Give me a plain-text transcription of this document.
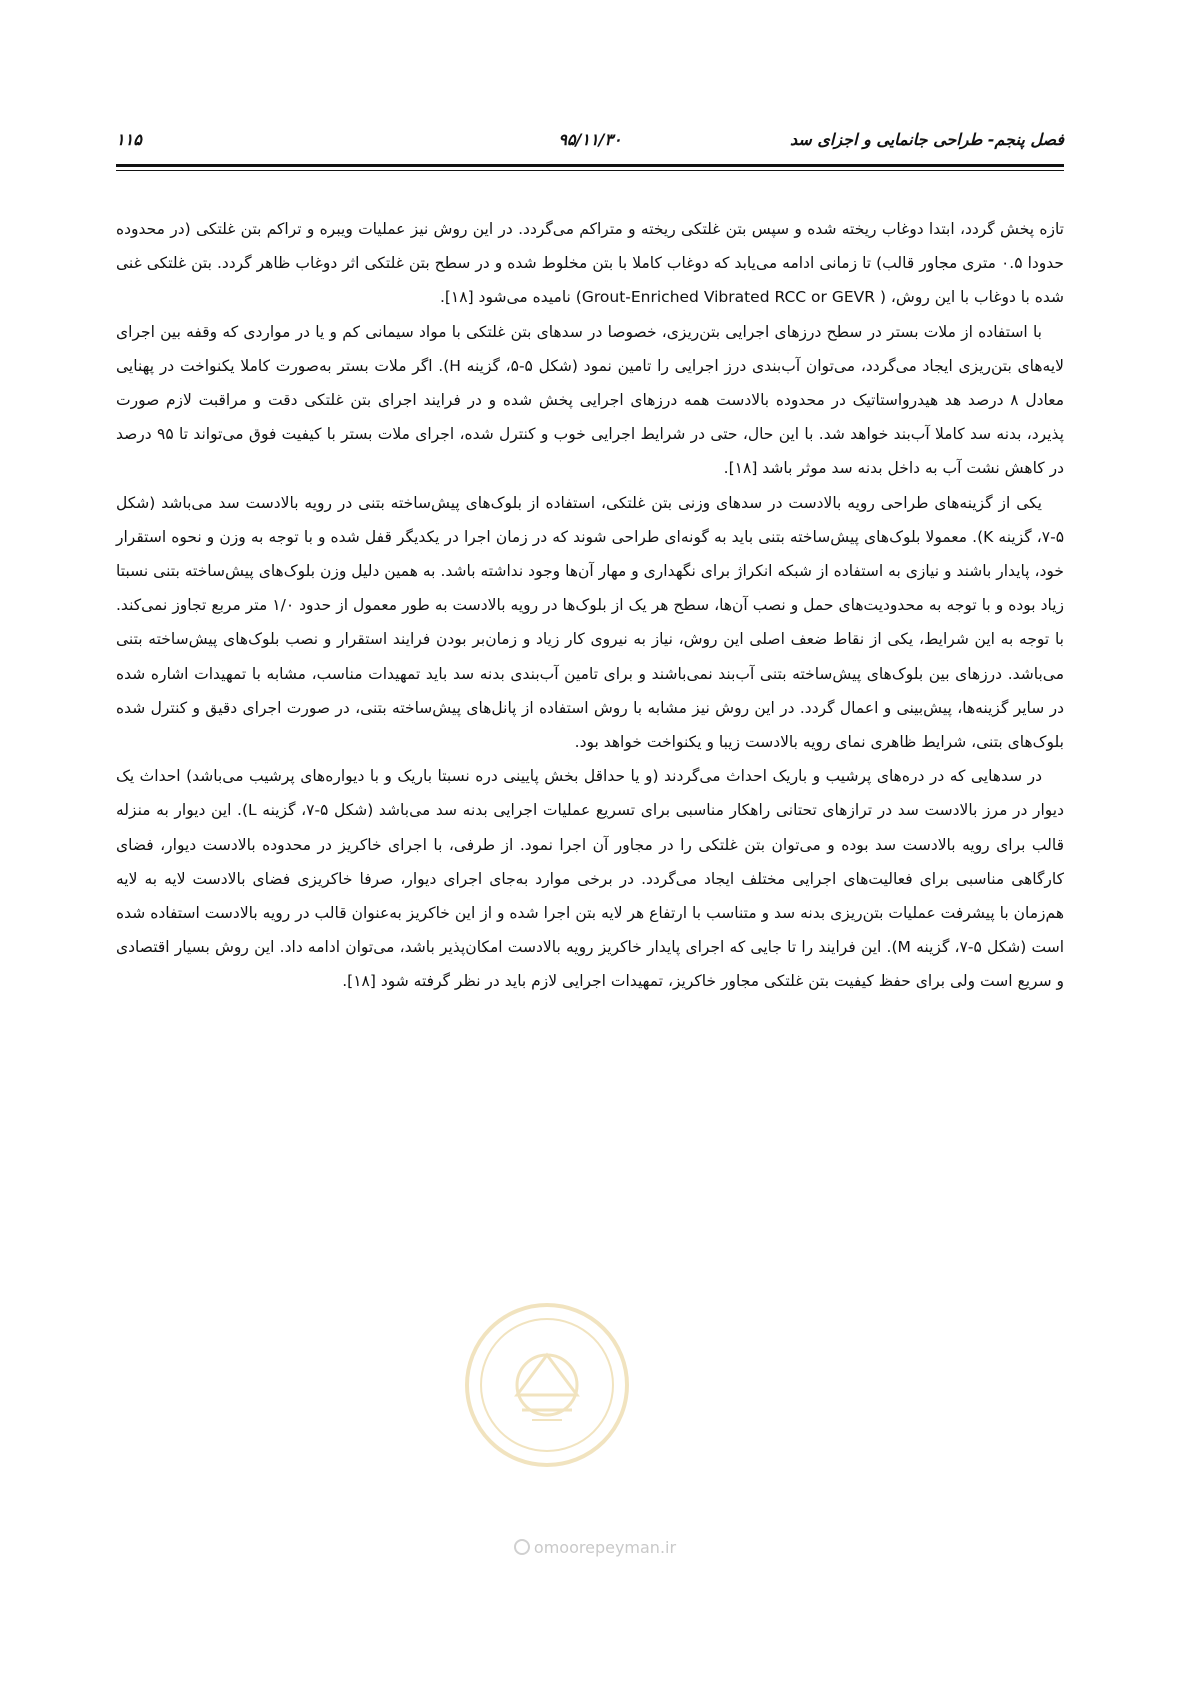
فصل پنجم- طراحی جانمایی و اجزای سد
۹۵/۱۱/۳۰
۱۱۵

تازه پخش گردد، ابتدا دوغاب ریخته شده و سپس بتن غلتکی ریخته و متراکم می‌گردد. در این روش نیز عملیات ویبره و تراکم بتن غلتکی (در محدوده حدودا ۰.۵ متری مجاور قالب) تا زمانی ادامه می‌یابد که دوغاب کاملا با بتن مخلوط شده و در سطح بتن غلتکی اثر دوغاب ظاهر گردد. بتن غلتکی غنی شده با دوغاب با این روش، ( Grout-Enriched Vibrated RCC or GEVR) نامیده می‌شود [۱۸].

با استفاده از ملات بستر در سطح درزهای اجرایی بتن‌ریزی، خصوصا در سدهای بتن غلتکی با مواد سیمانی کم و یا در مواردی که وقفه بین اجرای لایه‌های بتن‌ریزی ایجاد می‌گردد، می‌توان آب‌بندی درز اجرایی را تامین نمود (شکل ۵-۵، گزینه H). اگر ملات بستر به‌صورت کاملا یکنواخت در پهنایی معادل ۸ درصد هد هیدرواستاتیک در محدوده بالادست همه درزهای اجرایی پخش شده و در فرایند اجرای بتن غلتکی دقت و مراقبت لازم صورت پذیرد، بدنه سد کاملا آب‌بند خواهد شد. با این حال، حتی در شرایط اجرایی خوب و کنترل شده، اجرای ملات بستر با کیفیت فوق می‌تواند تا ۹۵ درصد در کاهش نشت آب به داخل بدنه سد موثر باشد [۱۸].

یکی از گزینه‌های طراحی رویه بالادست در سدهای وزنی بتن غلتکی، استفاده از بلوک‌های پیش‌ساخته بتنی در رویه بالادست سد می‌باشد (شکل ۵-۷، گزینه K). معمولا بلوک‌های پیش‌ساخته بتنی باید به گونه‌ای طراحی شوند که در زمان اجرا در یکدیگر قفل شده و با توجه به وزن و نحوه استقرار خود، پایدار باشند و نیازی به استفاده از شبکه انکراژ برای نگهداری و مهار آن‌ها وجود نداشته باشد. به همین دلیل وزن بلوک‌های پیش‌ساخته بتنی نسبتا زیاد بوده و با توجه به محدودیت‌های حمل و نصب آن‌ها، سطح هر یک از بلوک‌ها در رویه بالادست به طور معمول از حدود ۱/۰ متر مربع تجاوز نمی‌کند. با توجه به این شرایط، یکی از نقاط ضعف اصلی این روش، نیاز به نیروی کار زیاد و زمان‌بر بودن فرایند استقرار و نصب بلوک‌های پیش‌ساخته بتنی می‌باشد. درزهای بین بلوک‌های پیش‌ساخته بتنی آب‌بند نمی‌باشند و برای تامین آب‌بندی بدنه سد باید تمهیدات مناسب، مشابه با تمهیدات اشاره شده در سایر گزینه‌ها، پیش‌بینی و اعمال گردد. در این روش نیز مشابه با روش استفاده از پانل‌های پیش‌ساخته بتنی، در صورت اجرای دقیق و کنترل شده بلوک‌های بتنی، شرایط ظاهری نمای رویه بالادست زیبا و یکنواخت خواهد بود.

در سدهایی که در دره‌های پرشیب و باریک احداث می‌گردند (و یا حداقل بخش پایینی دره نسبتا باریک و با دیواره‌های پرشیب می‌باشد) احداث یک دیوار در مرز بالادست سد در ترازهای تحتانی راهکار مناسبی برای تسریع عملیات اجرایی بدنه سد می‌باشد (شکل ۵-۷، گزینه L). این دیوار به منزله قالب برای رویه بالادست سد بوده و می‌توان بتن غلتکی را در مجاور آن اجرا نمود. از طرفی، با اجرای خاکریز در محدوده بالادست دیوار، فضای کارگاهی مناسبی برای فعالیت‌های اجرایی مختلف ایجاد می‌گردد. در برخی موارد به‌جای اجرای دیوار، صرفا خاکریزی فضای بالادست لایه به لایه هم‌زمان با پیشرفت عملیات بتن‌ریزی بدنه سد و متناسب با ارتفاع هر لایه بتن اجرا شده و از این خاکریز به‌عنوان قالب در رویه بالادست استفاده شده است (شکل ۵-۷، گزینه M). این فرایند را تا جایی که اجرای پایدار خاکریز رویه بالادست امکان‌پذیر باشد، می‌توان ادامه داد. این روش بسیار اقتصادی و سریع است ولی برای حفظ کیفیت بتن غلتکی مجاور خاکریز، تمهیدات اجرایی لازم باید در نظر گرفته شود [۱۸].

omoorepeyman.ir
